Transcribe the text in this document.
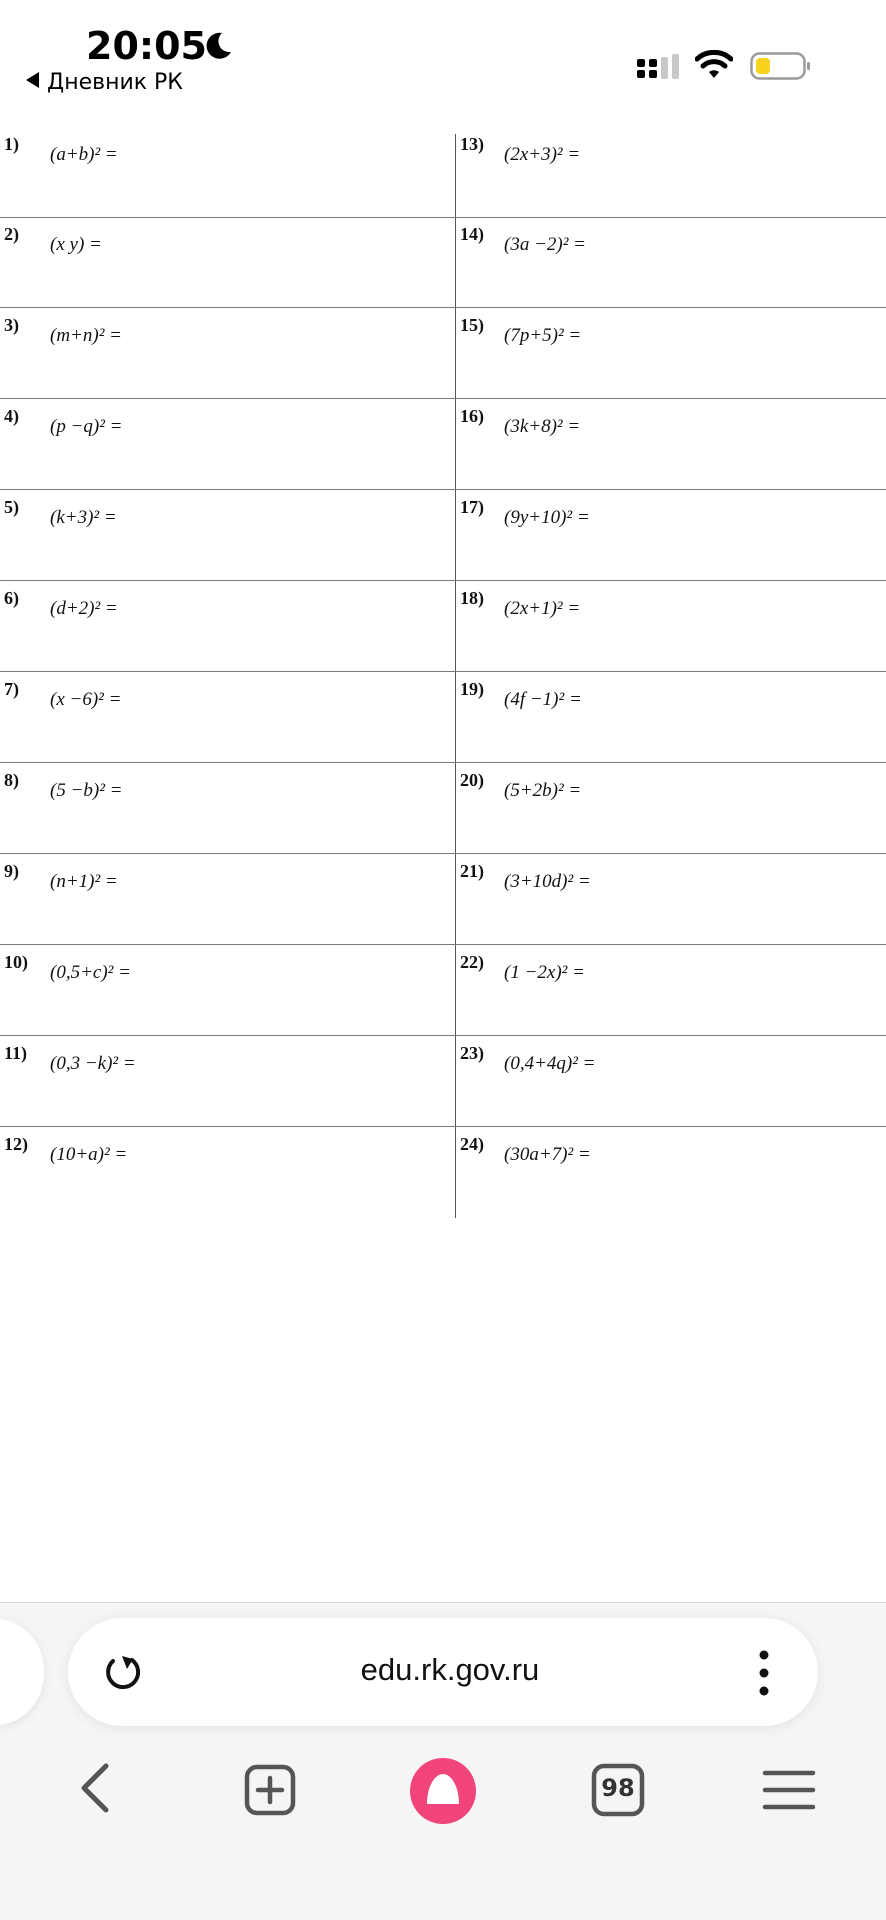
20:05
Дневник РК
1) (a+b)² =
2) (x y) =
3) (m+n)² =
4) (p −q)² =
5) (k+3)² =
6) (d+2)² =
7) (x −6)² =
8) (5 −b)² =
9) (n+1)² =
10) (0,5+c)² =
11) (0,3 −k)² =
12) (10+a)² =
13) (2x+3)² =
14) (3a −2)² =
15) (7p+5)² =
16) (3k+8)² =
17) (9y+10)² =
18) (2x+1)² =
19) (4f −1)² =
20) (5+2b)² =
21) (3+10d)² =
22) (1 −2x)² =
23) (0,4+4q)² =
24) (30a+7)² =
edu.rk.gov.ru
98
